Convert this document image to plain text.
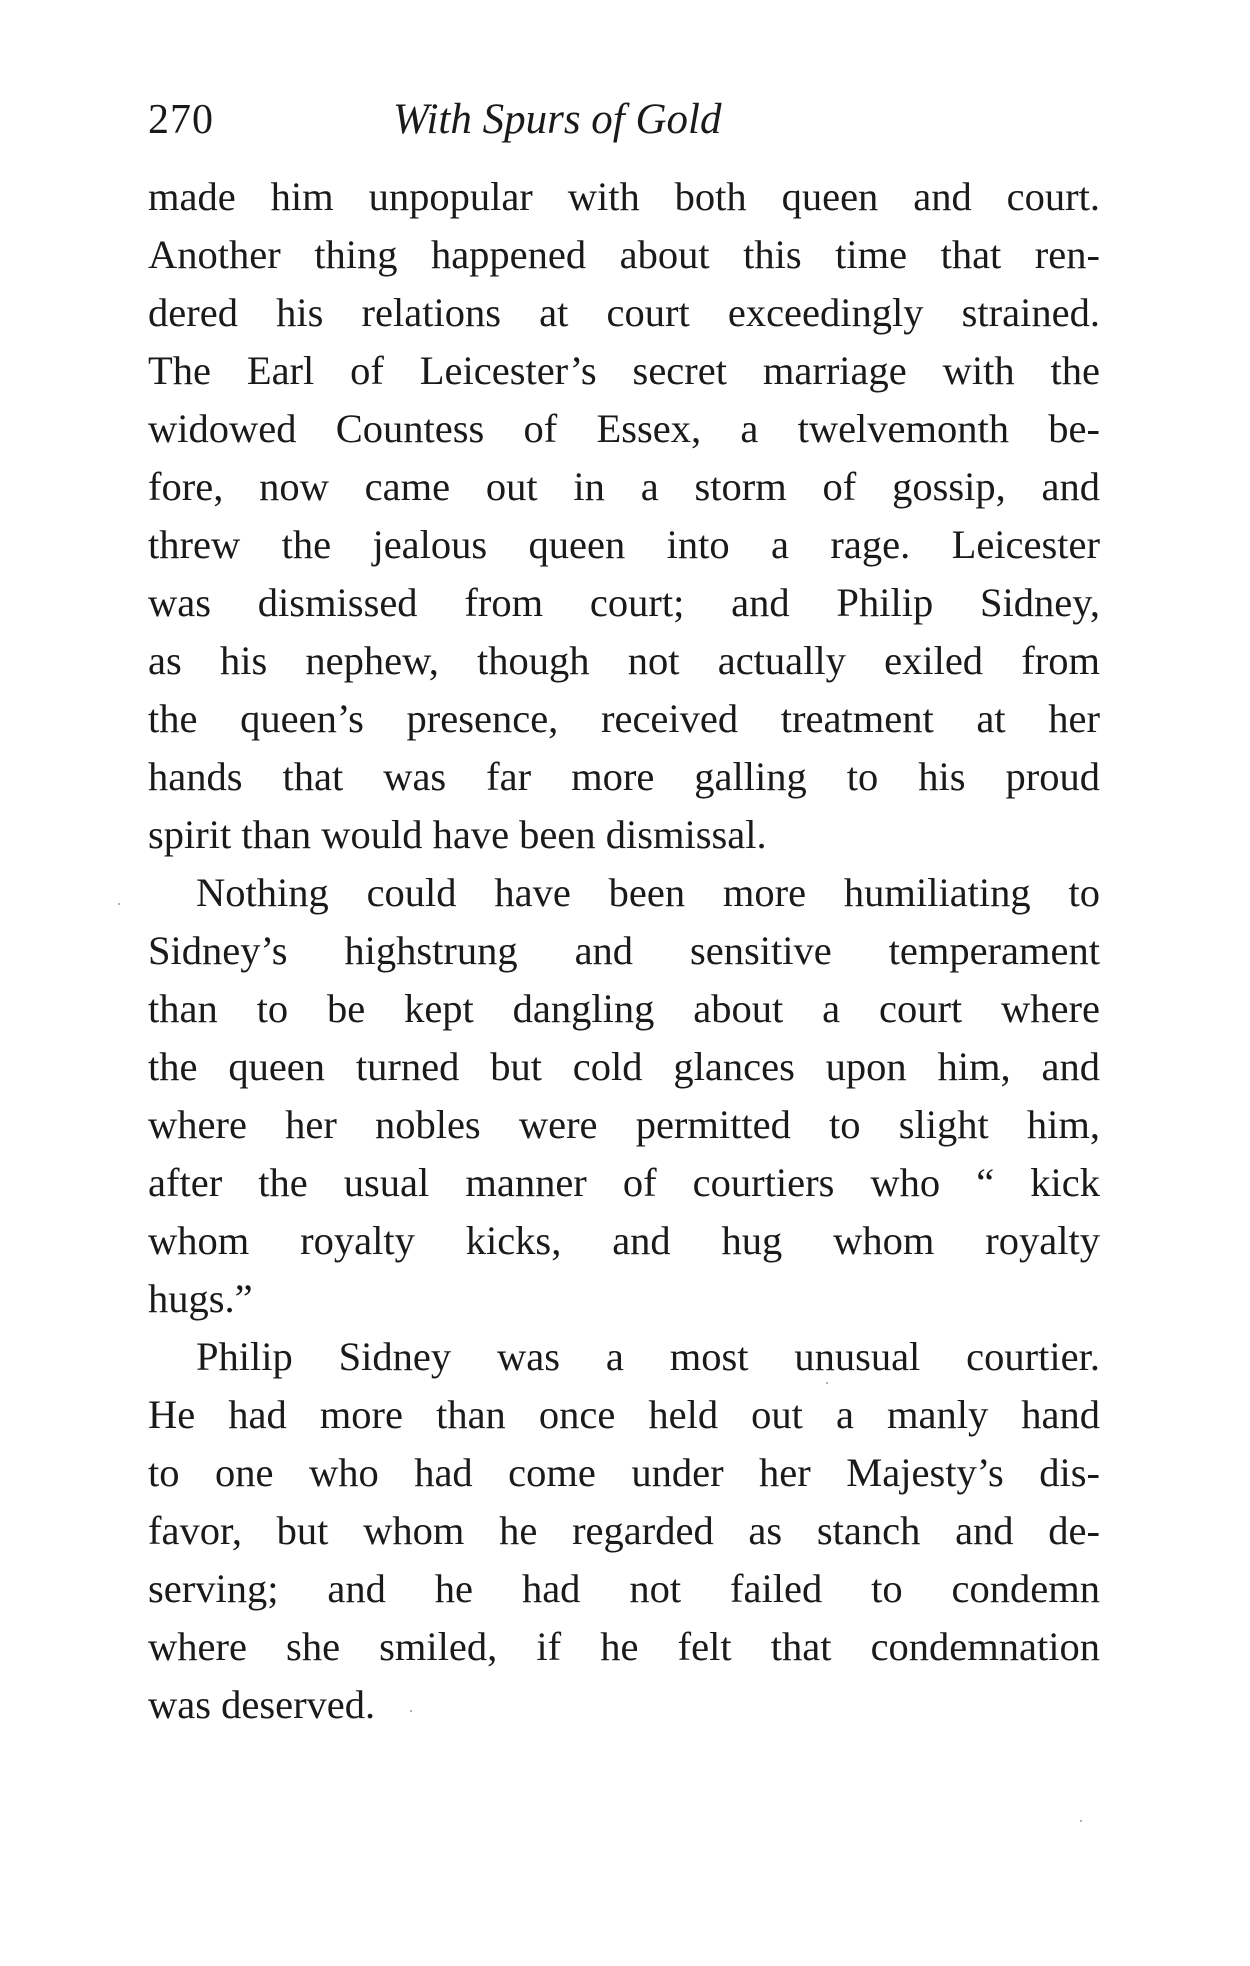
270	With Spurs of Gold
made him unpopular with both queen and court.
Another thing happened about this time that ren-
dered his relations at court exceedingly strained.
The Earl of Leicester’s secret marriage with the
widowed Countess of Essex, a twelvemonth be-
fore, now came out in a storm of gossip, and
threw the jealous queen into a rage. Leicester
was dismissed from court; and Philip Sidney,
as his nephew, though not actually exiled from
the queen’s presence, received treatment at her
hands that was far more galling to his proud
spirit than would have been dismissal.
Nothing could have been more humiliating to
Sidney’s highstrung and sensitive temperament
than to be kept dangling about a court where
the queen turned but cold glances upon him, and
where her nobles were permitted to slight him,
after the usual manner of courtiers who “ kick
whom royalty kicks, and hug whom royalty
hugs.”
Philip Sidney was a most unusual courtier.
He had more than once held out a manly hand
to one who had come under her Majesty’s dis-
favor, but whom he regarded as stanch and de-
serving; and he had not failed to condemn
where she smiled, if he felt that condemnation
was deserved.
